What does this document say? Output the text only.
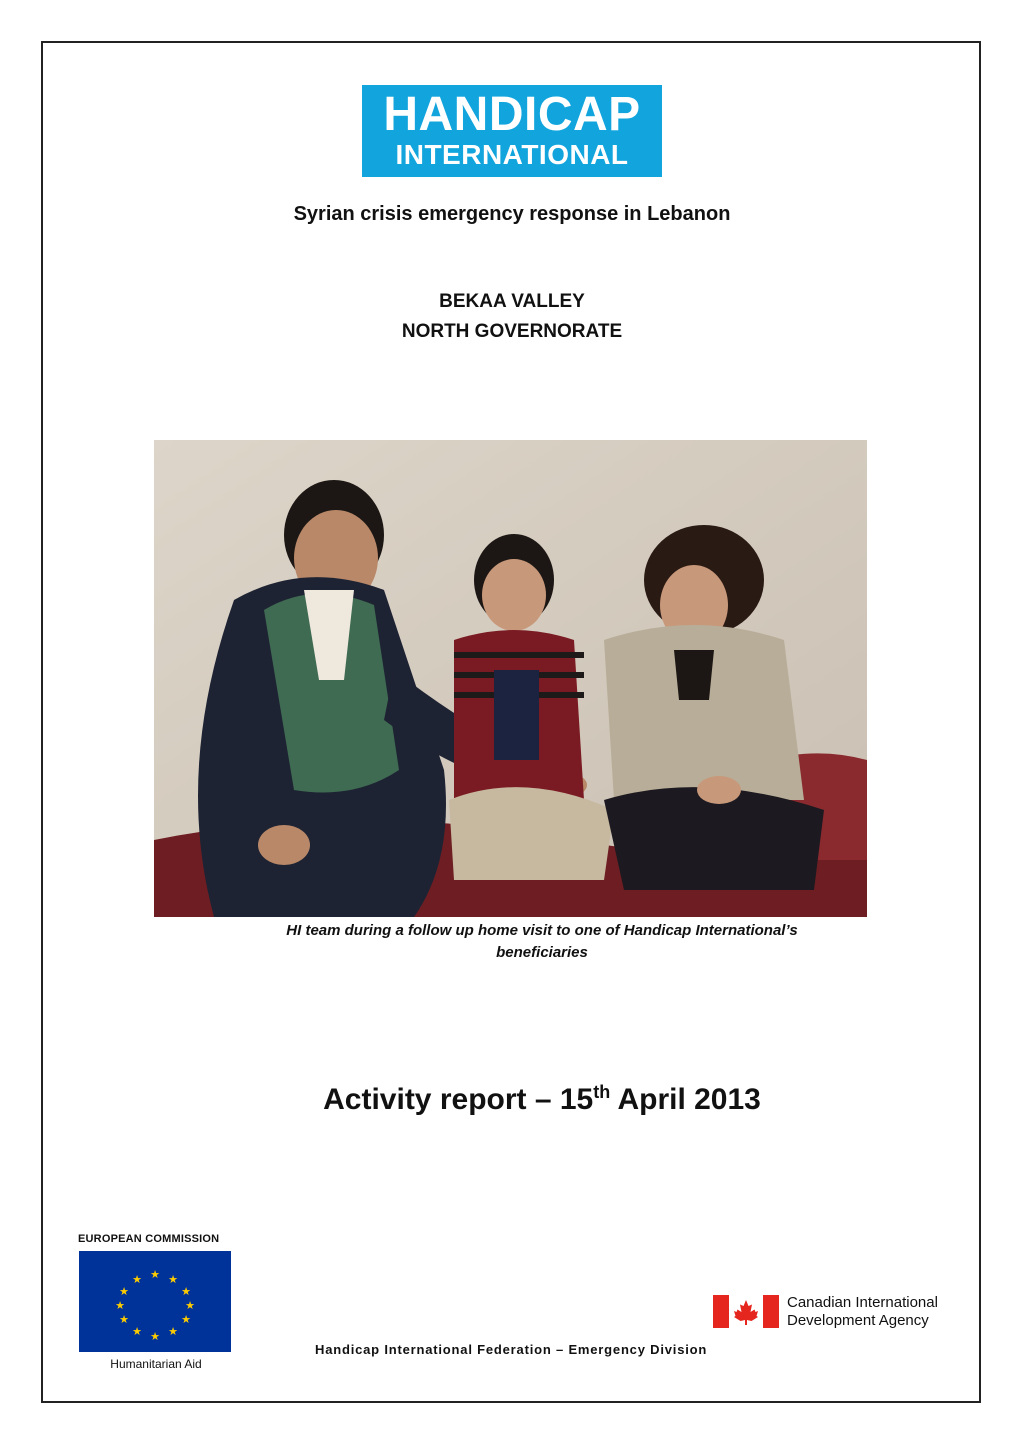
HANDICAP
INTERNATIONAL
Syrian crisis emergency response in Lebanon
BEKAA VALLEY
NORTH GOVERNORATE
HI team during a follow up home visit to one of Handicap International’s beneficiaries
Activity report – 15th April 2013
EUROPEAN COMMISSION
★ ★
★
★
★
★
★
★
★
★
★
★
Humanitarian Aid
Canadian International
Development Agency
Handicap International Federation – Emergency Division
